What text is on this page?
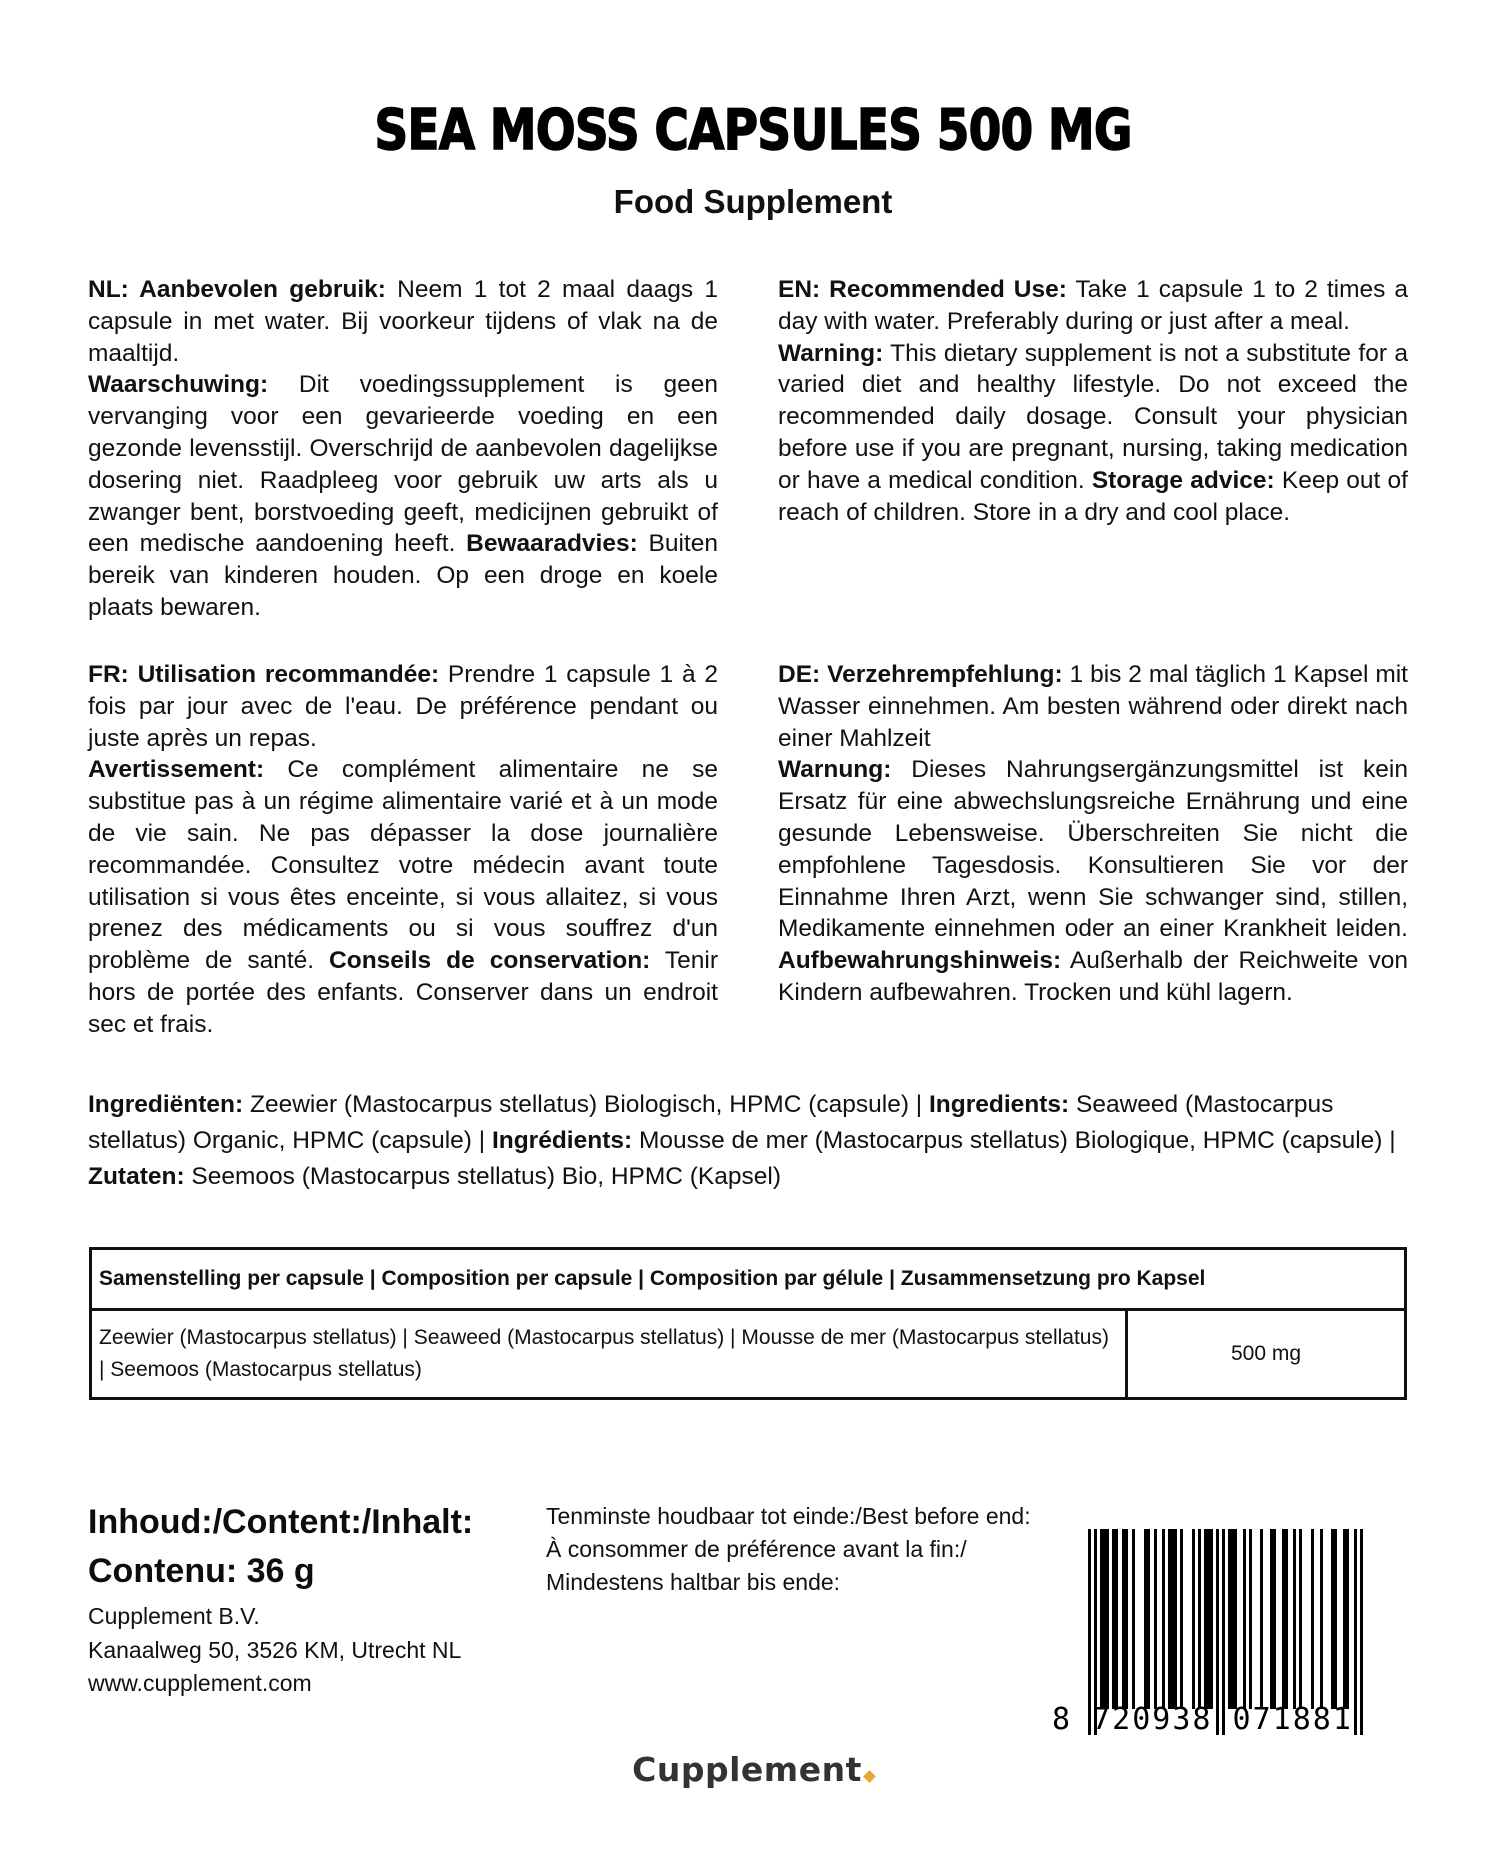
SEA MOSS CAPSULES 500 MG
Food Supplement

NL: Aanbevolen gebruik: Neem 1 tot 2 maal daags 1 capsule in met water. Bij voorkeur tijdens of vlak na de maaltijd.
Waarschuwing: Dit voedingssupplement is geen vervanging voor een gevarieerde voeding en een gezonde levensstijl. Overschrijd de aanbevolen dagelijkse dosering niet. Raadpleeg voor gebruik uw arts als u zwanger bent, borstvoeding geeft, medicijnen gebruikt of een medische aandoening heeft. Bewaaradvies: Buiten bereik van kinderen houden. Op een droge en koele plaats bewaren.

EN: Recommended Use: Take 1 capsule 1 to 2 times a day with water. Preferably during or just after a meal.
Warning: This dietary supplement is not a substitute for a varied diet and healthy lifestyle. Do not exceed the recommended daily dosage. Consult your physician before use if you are pregnant, nursing, taking medication or have a medical condition. Storage advice: Keep out of reach of children. Store in a dry and cool place.

FR: Utilisation recommandée: Prendre 1 capsule 1 à 2 fois par jour avec de l'eau. De préférence pendant ou juste après un repas.
Avertissement: Ce complément alimentaire ne se substitue pas à un régime alimentaire varié et à un mode de vie sain. Ne pas dépasser la dose journalière recommandée. Consultez votre médecin avant toute utilisation si vous êtes enceinte, si vous allaitez, si vous prenez des médicaments ou si vous souffrez d'un problème de santé. Conseils de conservation: Tenir hors de portée des enfants. Conserver dans un endroit sec et frais.

DE: Verzehrempfehlung: 1 bis 2 mal täglich 1 Kapsel mit Wasser einnehmen. Am besten während oder direkt nach einer Mahlzeit
Warnung: Dieses Nahrungsergänzungsmittel ist kein Ersatz für eine abwechslungsreiche Ernährung und eine gesunde Lebensweise. Überschreiten Sie nicht die empfohlene Tagesdosis. Konsultieren Sie vor der Einnahme Ihren Arzt, wenn Sie schwanger sind, stillen, Medikamente einnehmen oder an einer Krankheit leiden. Aufbewahrungshinweis: Außerhalb der Reichweite von Kindern aufbewahren. Trocken und kühl lagern.

Ingrediënten: Zeewier (Mastocarpus stellatus) Biologisch, HPMC (capsule) | Ingredients: Seaweed (Mastocarpus stellatus) Organic, HPMC (capsule) | Ingrédients: Mousse de mer (Mastocarpus stellatus) Biologique, HPMC (capsule) | Zutaten: Seemoos (Mastocarpus stellatus) Bio, HPMC (Kapsel)
Samenstelling per capsule | Composition per capsule | Composition par gélule | Zusammensetzung pro Kapsel
Zeewier (Mastocarpus stellatus) | Seaweed (Mastocarpus stellatus) | Mousse de mer (Mastocarpus stellatus) | Seemoos (Mastocarpus stellatus)	500 mg
Inhoud:/Content:/Inhalt:
Contenu: 36 g
Cupplement B.V.
Kanaalweg 50, 3526 KM, Utrecht NL
www.cupplement.com
Tenminste houdbaar tot einde:/Best before end:
À consommer de préférence avant la fin:/
Mindestens haltbar bis ende:
8 720938 071881
Cupplement
